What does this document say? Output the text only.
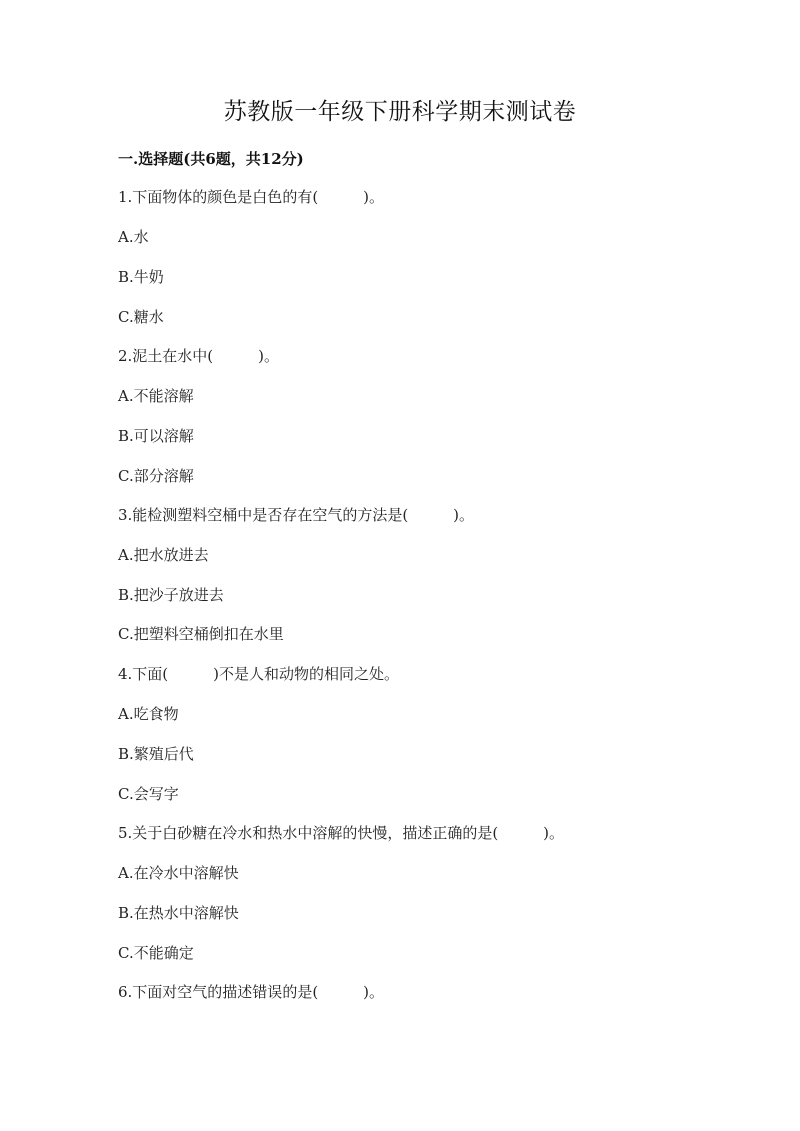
苏教版一年级下册科学期末测试卷
一.选择题(共6题，共12分)
1.下面物体的颜色是白色的有(　　　)。
A.水
B.牛奶
C.糖水
2.泥土在水中(　　　)。
A.不能溶解
B.可以溶解
C.部分溶解
3.能检测塑料空桶中是否存在空气的方法是(　　　)。
A.把水放进去
B.把沙子放进去
C.把塑料空桶倒扣在水里
4.下面(　　　)不是人和动物的相同之处。
A.吃食物
B.繁殖后代
C.会写字
5.关于白砂糖在冷水和热水中溶解的快慢，描述正确的是(　　　)。
A.在冷水中溶解快
B.在热水中溶解快
C.不能确定
6.下面对空气的描述错误的是(　　　)。
